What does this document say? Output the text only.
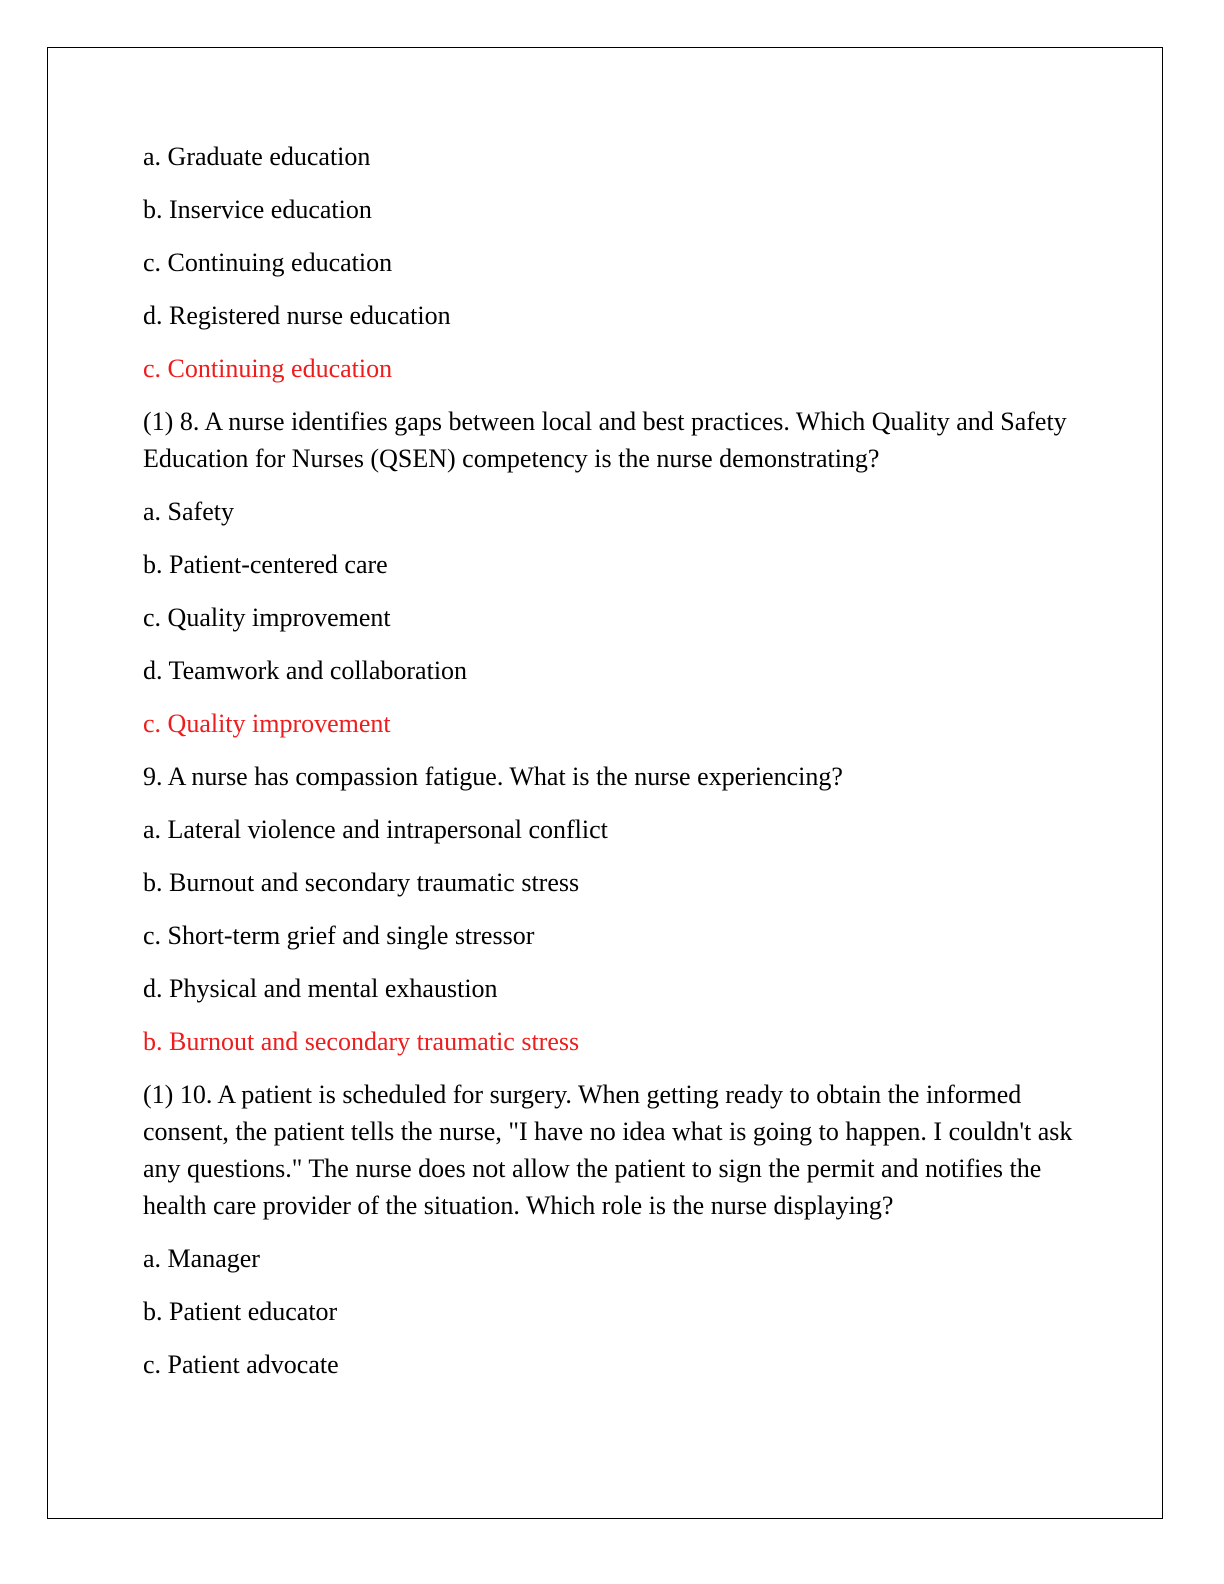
a. Graduate education

b. Inservice education

c. Continuing education

d. Registered nurse education

c. Continuing education

(1) 8. A nurse identifies gaps between local and best practices. Which Quality and Safety Education for Nurses (QSEN) competency is the nurse demonstrating?

a. Safety

b. Patient-centered care

c. Quality improvement

d. Teamwork and collaboration

c. Quality improvement

9. A nurse has compassion fatigue. What is the nurse experiencing?

a. Lateral violence and intrapersonal conflict

b. Burnout and secondary traumatic stress

c. Short-term grief and single stressor

d. Physical and mental exhaustion

b. Burnout and secondary traumatic stress

(1) 10. A patient is scheduled for surgery. When getting ready to obtain the informed consent, the patient tells the nurse, "I have no idea what is going to happen. I couldn't ask any questions." The nurse does not allow the patient to sign the permit and notifies the health care provider of the situation. Which role is the nurse displaying?

a. Manager

b. Patient educator

c. Patient advocate
